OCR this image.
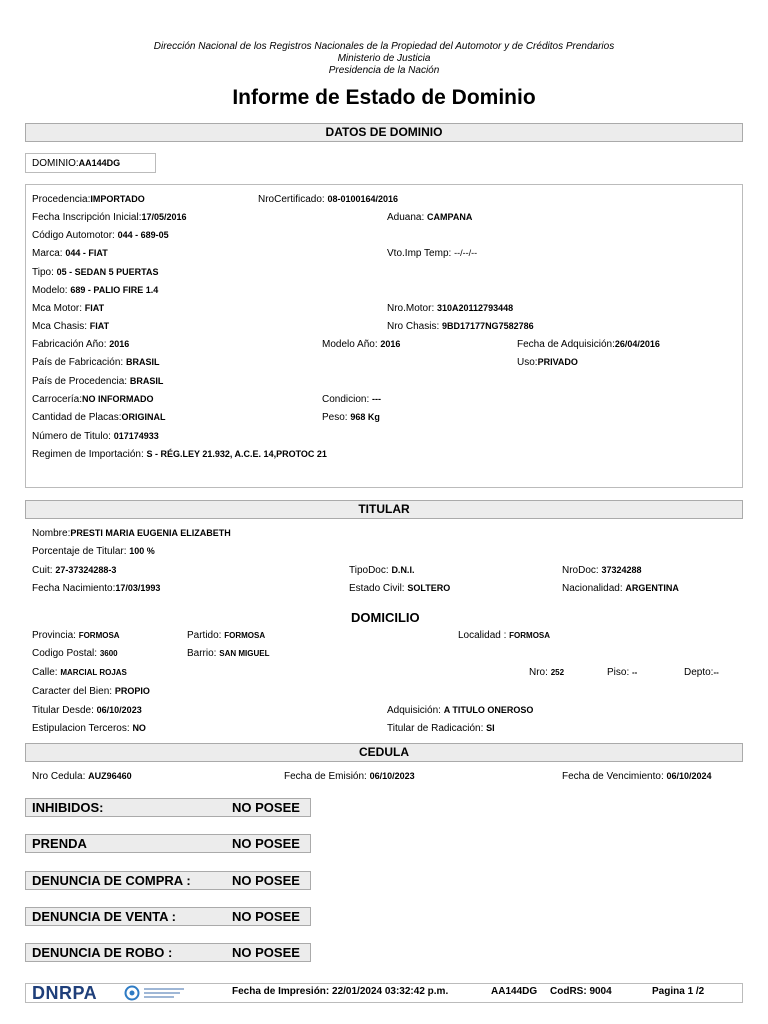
Dirección Nacional de los Registros Nacionales de la Propiedad del Automotor y de Créditos Prendarios
Ministerio de Justicia
Presidencia de la Nación
Informe de Estado de Dominio
DATOS DE DOMINIO
DOMINIO:AA144DG
Procedencia:IMPORTADO	NroCertificado: 08-0100164/2016
Fecha Inscripción Inicial:17/05/2016	Aduana: CAMPANA
Código Automotor: 044 - 689-05
Marca: 044 - FIAT	Vto.Imp Temp: --/--/--
Tipo: 05 - SEDAN 5 PUERTAS
Modelo: 689 - PALIO FIRE 1.4
Mca Motor: FIAT	Nro.Motor: 310A20112793448
Mca Chasis: FIAT	Nro Chasis: 9BD17177NG7582786
Fabricación Año: 2016	Modelo Año: 2016	Fecha de Adquisición:26/04/2016
País de Fabricación: BRASIL	Uso:PRIVADO
País de Procedencia: BRASIL
Carrocería:NO INFORMADO	Condicion: ---
Cantidad de Placas:ORIGINAL	Peso: 968 Kg
Número de Titulo: 017174933
Regimen de Importación: S - RÉG.LEY 21.932, A.C.E. 14,PROTOC 21
TITULAR
Nombre:PRESTI MARIA EUGENIA ELIZABETH
Porcentaje de Titular: 100 %
Cuit: 27-37324288-3	TipoDoc: D.N.I.	NroDoc: 37324288
Fecha Nacimiento:17/03/1993	Estado Civil: SOLTERO	Nacionalidad: ARGENTINA
DOMICILIO
Provincia: FORMOSA	Partido: FORMOSA	Localidad : FORMOSA
Codigo Postal: 3600	Barrio: SAN MIGUEL
Calle: MARCIAL ROJAS	Nro: 252	Piso: --	Depto:--
Caracter del Bien: PROPIO
Titular Desde: 06/10/2023	Adquisición: A TITULO ONEROSO
Estipulacion Terceros: NO	Titular de Radicación: SI
CEDULA
Nro Cedula: AUZ96460	Fecha de Emisión: 06/10/2023	Fecha de Vencimiento: 06/10/2024
INHIBIDOS:	NO POSEE
PRENDA	NO POSEE
DENUNCIA DE COMPRA :	NO POSEE
DENUNCIA DE VENTA :	NO POSEE
DENUNCIA DE ROBO :	NO POSEE
DNRPA	Fecha de Impresión: 22/01/2024 03:32:42 p.m.	AA144DG CodRS: 9004	Pagina 1 /2
